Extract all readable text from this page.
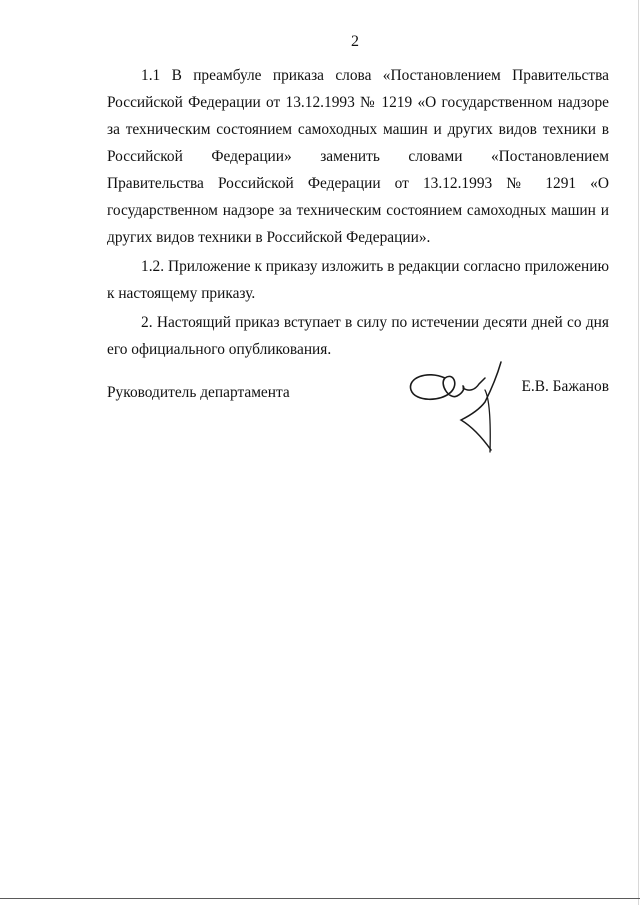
2

1.1 В преамбуле приказа слова «Постановлением Правительства Российской Федерации от 13.12.1993 № 1219 «О государственном надзоре за техническим состоянием самоходных машин и других видов техники в Российской Федерации» заменить словами «Постановлением Правительства Российской Федерации от 13.12.1993 № 1291 «О государственном надзоре за техническим состоянием самоходных машин и других видов техники в Российской Федерации».

1.2. Приложение к приказу изложить в редакции согласно приложению к настоящему приказу.

2. Настоящий приказ вступает в силу по истечении десяти дней со дня его официального опубликования.

Руководитель департамента	Е.В. Бажанов
